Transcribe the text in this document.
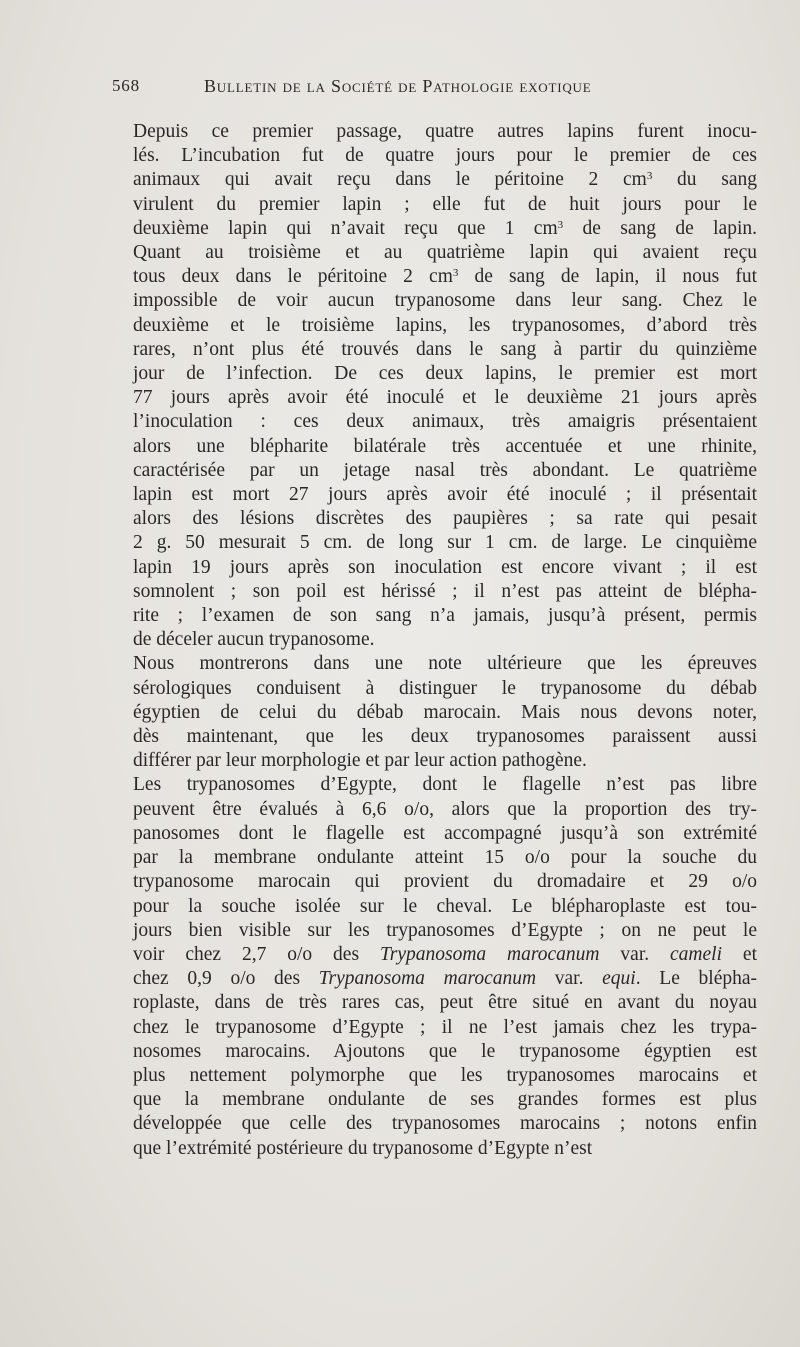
568	Bulletin de la Société de Pathologie exotique

Depuis ce premier passage, quatre autres lapins furent inocu-
lés. L’incubation fut de quatre jours pour le premier de ces
animaux qui avait reçu dans le péritoine 2 $cm^3$ du sang
virulent du premier lapin ; elle fut de huit jours pour le
deuxième lapin qui n’avait reçu que 1 $cm^3$ de sang de lapin.
Quant au troisième et au quatrième lapin qui avaient reçu
tous deux dans le péritoine 2 $cm^3$ de sang de lapin, il nous fut
impossible de voir aucun trypanosome dans leur sang. Chez le
deuxième et le troisième lapins, les trypanosomes, d’abord très
rares, n’ont plus été trouvés dans le sang à partir du quinzième
jour de l’infection. De ces deux lapins, le premier est mort
77 jours après avoir été inoculé et le deuxième 21 jours après
l’inoculation : ces deux animaux, très amaigris présentaient
alors une blépharite bilatérale très accentuée et une rhinite,
caractérisée par un jetage nasal très abondant. Le quatrième
lapin est mort 27 jours après avoir été inoculé ; il présentait
alors des lésions discrètes des paupières ; sa rate qui pesait
2 g. 50 mesurait 5 cm. de long sur 1 cm. de large. Le cinquième
lapin 19 jours après son inoculation est encore vivant ; il est
somnolent ; son poil est hérissé ; il n’est pas atteint de blépha-
rite ; l’examen de son sang n’a jamais, jusqu’à présent, permis
de déceler aucun trypanosome.

Nous montrerons dans une note ultérieure que les épreuves
sérologiques conduisent à distinguer le trypanosome du débab
égyptien de celui du débab marocain. Mais nous devons noter,
dès maintenant, que les deux trypanosomes paraissent aussi
différer par leur morphologie et par leur action pathogène.

Les trypanosomes d’Egypte, dont le flagelle n’est pas libre
peuvent être évalués à 6,6 o/o, alors que la proportion des try-
panosomes dont le flagelle est accompagné jusqu’à son extrémité
par la membrane ondulante atteint 15 o/o pour la souche du
trypanosome marocain qui provient du dromadaire et 29 o/o
pour la souche isolée sur le cheval. Le blépharoplaste est tou-
jours bien visible sur les trypanosomes d’Egypte ; on ne peut le
voir chez 2,7 o/o des Trypanosoma marocanum var. cameli et
chez 0,9 o/o des Trypanosoma marocanum var. equi. Le blépha-
roplaste, dans de très rares cas, peut être situé en avant du noyau
chez le trypanosome d’Egypte ; il ne l’est jamais chez les trypa-
nosomes marocains. Ajoutons que le trypanosome égyptien est
plus nettement polymorphe que les trypanosomes marocains et
que la membrane ondulante de ses grandes formes est plus
développée que celle des trypanosomes marocains ; notons enfin
que l’extrémité postérieure du trypanosome d’Egypte n’est
